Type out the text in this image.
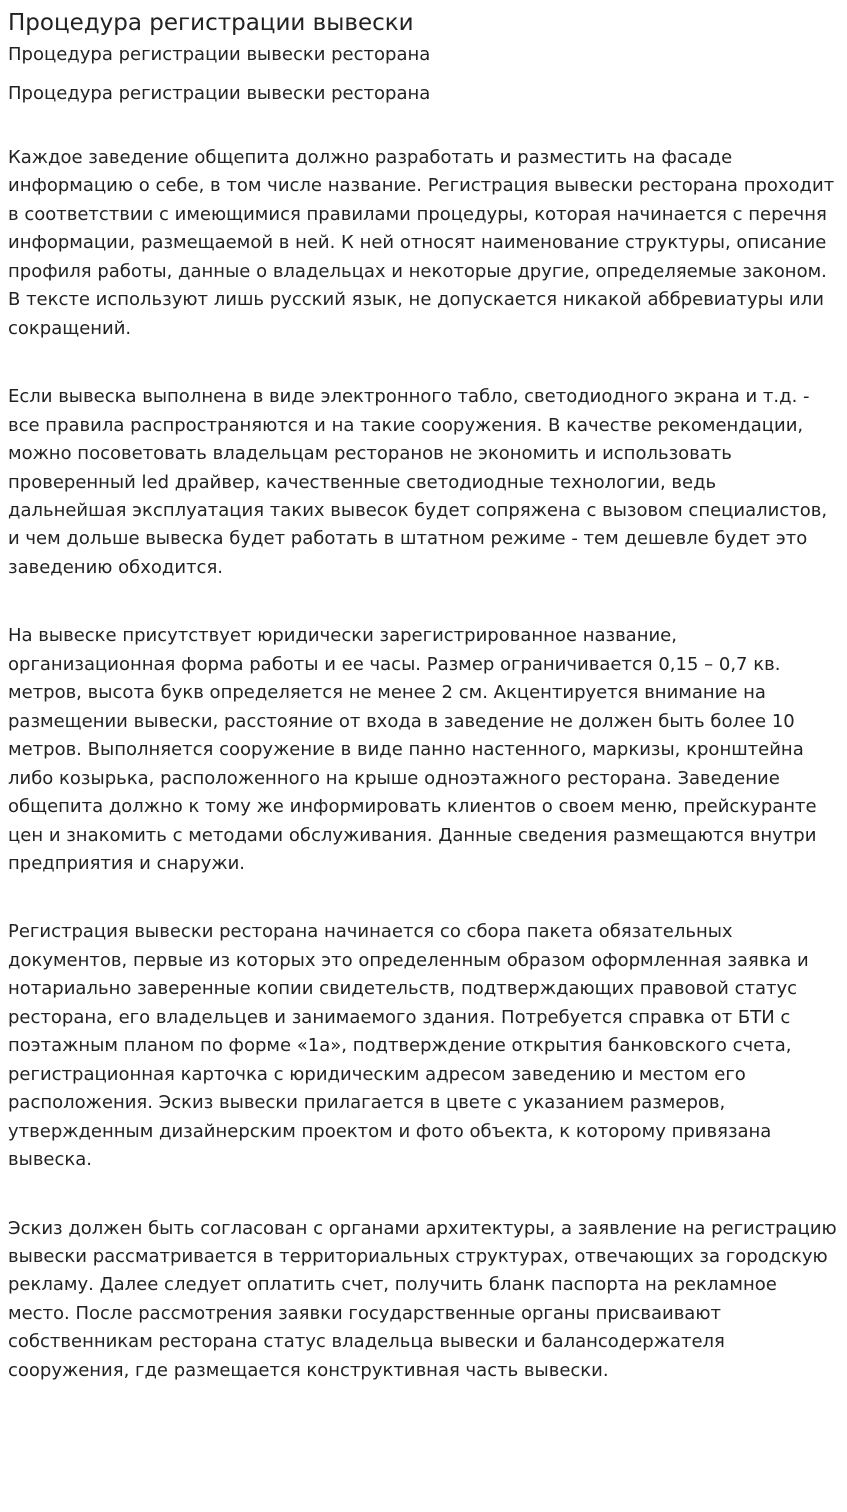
Процедура регистрации вывески
Процедура регистрации вывески ресторана
Процедура регистрации вывески ресторана

Каждое заведение общепита должно разработать и разместить на фасаде информацию о себе, в том числе название. Регистрация вывески ресторана проходит в соответствии с имеющимися правилами процедуры, которая начинается с перечня информации, размещаемой в ней. К ней относят наименование структуры, описание профиля работы, данные о владельцах и некоторые другие, определяемые законом. В тексте используют лишь русский язык, не допускается никакой аббревиатуры или сокращений.

Если вывеска выполнена в виде электронного табло, светодиодного экрана и т.д. - все правила распространяются и на такие сооружения. В качестве рекомендации, можно посоветовать владельцам ресторанов не экономить и использовать проверенный led драйвер, качественные светодиодные технологии, ведь дальнейшая эксплуатация таких вывесок будет сопряжена с вызовом специалистов, и чем дольше вывеска будет работать в штатном режиме - тем дешевле будет это заведению обходится.

На вывеске присутствует юридически зарегистрированное название, организационная форма работы и ее часы. Размер ограничивается 0,15 – 0,7 кв. метров, высота букв определяется не менее 2 см. Акцентируется внимание на размещении вывески, расстояние от входа в заведение не должен быть более 10 метров. Выполняется сооружение в виде панно настенного, маркизы, кронштейна либо козырька, расположенного на крыше одноэтажного ресторана. Заведение общепита должно к тому же информировать клиентов о своем меню, прейскуранте цен и знакомить с методами обслуживания. Данные сведения размещаются внутри предприятия и снаружи.

Регистрация вывески ресторана начинается со сбора пакета обязательных документов, первые из которых это определенным образом оформленная заявка и нотариально заверенные копии свидетельств, подтверждающих правовой статус ресторана, его владельцев и занимаемого здания. Потребуется справка от БТИ с поэтажным планом по форме «1а», подтверждение открытия банковского счета, регистрационная карточка с юридическим адресом заведению и местом его расположения. Эскиз вывески прилагается в цвете с указанием размеров, утвержденным дизайнерским проектом и фото объекта, к которому привязана вывеска.

Эскиз должен быть согласован с органами архитектуры, а заявление на регистрацию вывески рассматривается в территориальных структурах, отвечающих за городскую рекламу. Далее следует оплатить счет, получить бланк паспорта на рекламное место. После рассмотрения заявки государственные органы присваивают собственникам ресторана статус владельца вывески и балансодержателя сооружения, где размещается конструктивная часть вывески.
